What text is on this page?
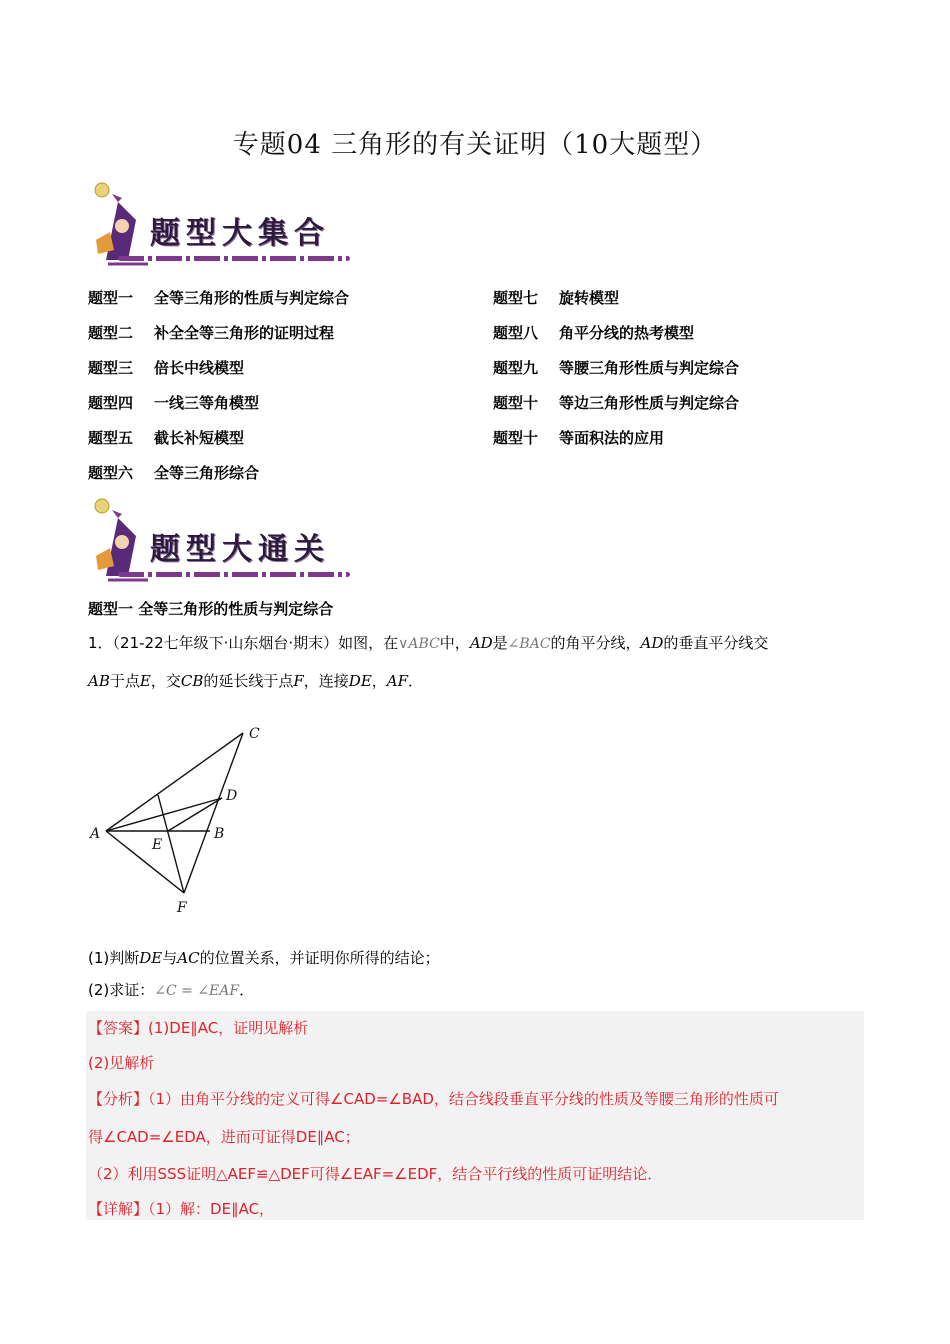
专题04 三角形的有关证明（10大题型）
题型大集合
题型一 全等三角形的性质与判定综合
题型二 补全全等三角形的证明过程
题型三 倍长中线模型
题型四 一线三等角模型
题型五 截长补短模型
题型六 全等三角形综合
题型七 旋转模型
题型八 角平分线的热考模型
题型九 等腰三角形性质与判定综合
题型十 等边三角形性质与判定综合
题型十 等面积法的应用
题型大通关
题型一 全等三角形的性质与判定综合
1．（21-22七年级下·山东烟台·期末）如图，在∨ABC中，AD是∠BAC的角平分线，AD的垂直平分线交
AB于点E，交CB的延长线于点F，连接DE，AF．
A	B
C
D
E
F
(1)判断DE与AC的位置关系，并证明你所得的结论；
(2)求证：∠C = ∠EAF．
【答案】(1)DE∥AC，证明见解析
(2)见解析
【分析】（1）由角平分线的定义可得∠CAD=∠BAD，结合线段垂直平分线的性质及等腰三角形的性质可
得∠CAD=∠EDA，进而可证得DE∥AC；
（2）利用SSS证明△AEF≌△DEF可得∠EAF=∠EDF，结合平行线的性质可证明结论．
【详解】（1）解：DE∥AC，
